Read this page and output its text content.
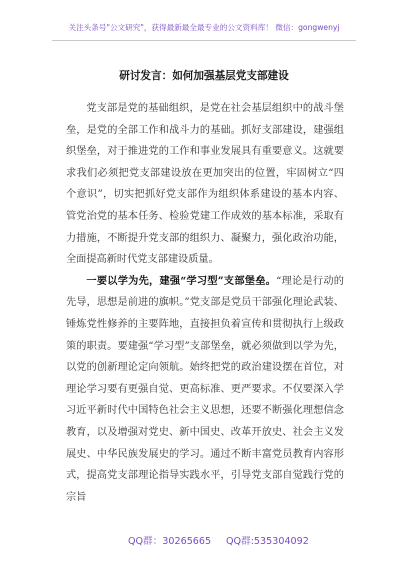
关注头条号"公文研究"，获得最新最全最专业的公文资料库！ 微信：gongwenyj
研讨发言：如何加强基层党支部建设

党支部是党的基础组织，是党在社会基层组织中的战斗堡垒，是党的全部工作和战斗力的基础。抓好支部建设，建强组织堡垒，对于推进党的工作和事业发展具有重要意义。这就要求我们必须把党支部建设放在更加突出的位置，牢固树立“四个意识”，切实把抓好党支部作为组织体系建设的基本内容、管党治党的基本任务、检验党建工作成效的基本标准，采取有力措施，不断提升党支部的组织力、凝聚力，强化政治功能，全面提高新时代党支部建设质量。

一要以学为先，建强“学习型”支部堡垒。“理论是行动的先导，思想是前进的旗帜。”党支部是党员干部强化理论武装、锤炼党性修养的主要阵地，直接担负着宣传和贯彻执行上级政策的职责。要建强“学习型”支部堡垒，就必须做到以学为先，以党的创新理论定向领航。始终把党的政治建设摆在首位，对理论学习要有更强自觉、更高标准、更严要求。不仅要深入学习近平新时代中国特色社会主义思想，还要不断强化理想信念教育，以及增强对党史、新中国史、改革开放史、社会主义发展史、中华民族发展史的学习。通过不断丰富党员教育内容形式，提高党支部理论指导实践水平，引导党支部自觉践行党的宗旨

QQ群：30265665 QQ群:535304092
